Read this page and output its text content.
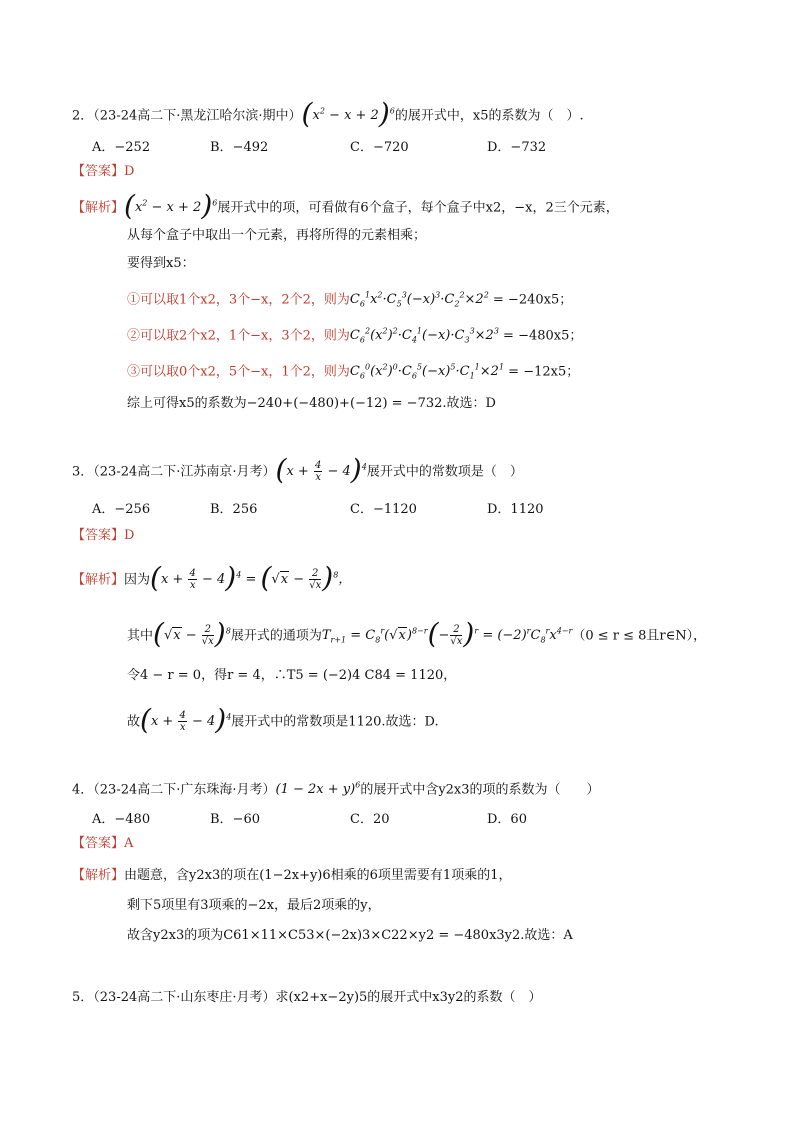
2．（23-24高二下·黑龙江哈尔滨·期中）$(x^2 - x + 2)^6$的展开式中，x5的系数为（　）.
A．−252	B．−492	C．−720	D．−732
【答案】D
【解析】$(x^2 - x + 2)^6$展开式中的项，可看做有6个盒子，每个盒子中x2，−x，2三个元素，
从每个盒子中取出一个元素，再将所得的元素相乘；
要得到x5：
①可以取1个x2，3个−x，2个2，则为$C_6^1x^2\cdot C_5^3(-x)^3\cdot C_2^2\times 2^2 = -240x5$；
②可以取2个x2，1个−x，3个2，则为$C_6^2(x^2)^2\cdot C_4^1(-x)\cdot C_3^3\times 2^3 = -480x5$；
③可以取0个x2，5个−x，1个2，则为$C_6^0(x^2)^0\cdot C_6^5(-x)^5\cdot C_1^1\times 2^1 = -12x5$；
综上可得x5的系数为−240+(−480)+(−12) = −732.故选：D
3．（23-24高二下·江苏南京·月考）$(x + \frac{4}{x} - 4)^4$展开式中的常数项是（　）
A．−256	B．256	C．−1120	D．1120
【答案】D
【解析】因为$(x + \frac{4}{x} - 4)^4 = (√x - \frac{2}{√x} )^8$，
其中$(√x - \frac{2}{√x} )^8$展开式的通项为$T_{r+1} = C_8^r(√x)^{8-r}(- \frac{2}{√x} )^r = (-2)^rC_8^rx^{4-r}(0 \le r \le 8$且r∈N），
令4 − r = 0，得r = 4，∴T5 = (−2)4 C84 = 1120，
故$(x + \frac{4}{x} - 4)^4$展开式中的常数项是1120.故选：D.
4．（23-24高二下·广东珠海·月考）$(1 - 2x + y)^6$的展开式中含y2x3的项的系数为（　　）
A．−480	B．−60	C．20	D．60
【答案】A
【解析】由题意，含y2x3的项在(1−2x+y)6相乘的6项里需要有1项乘的1，
剩下5项里有3项乘的−2x，最后2项乘的y，
故含y2x3的项为C61×11×C53×(−2x)3×C22×y2 = −480x3y2.故选：A
5．（23-24高二下·山东枣庄·月考）求(x2+x−2y)5的展开式中x3y2的系数（　）
